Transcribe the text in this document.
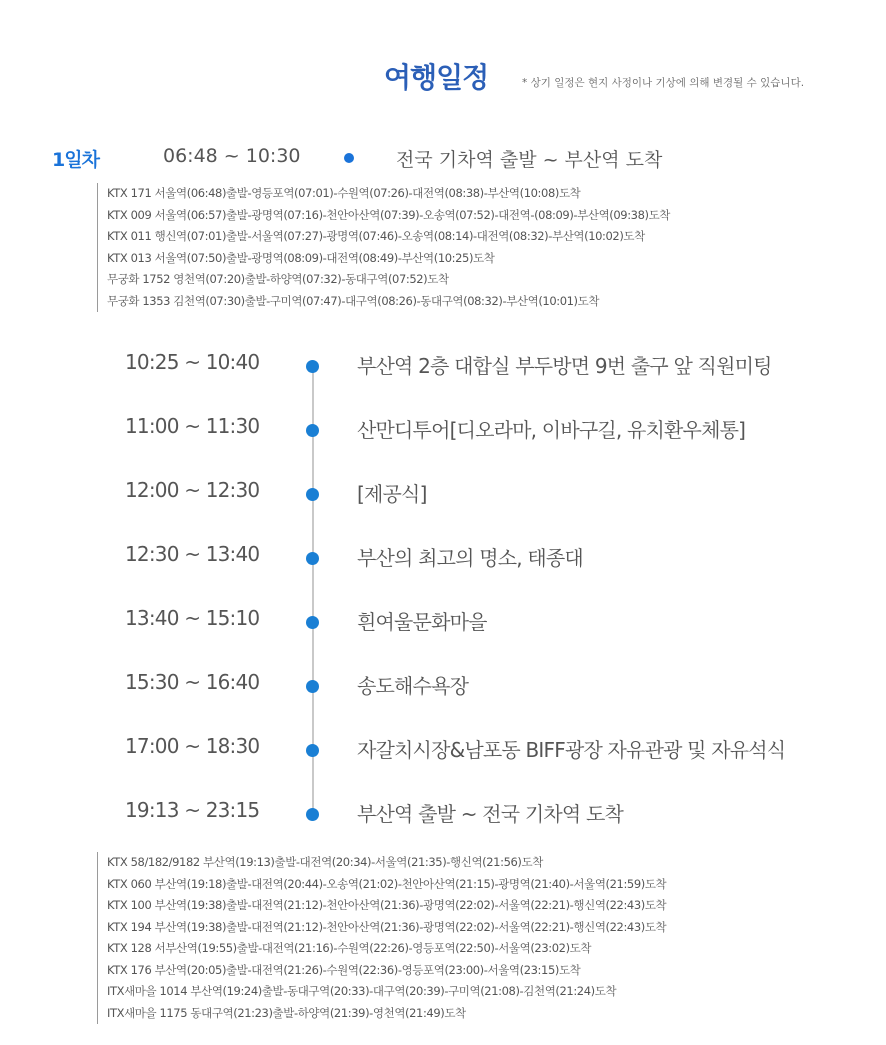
여행일정	* 상기 일정은 현지 사정이나 기상에 의해 변경될 수 있습니다.
1일차	06:48 ~ 10:30	전국 기차역 출발 ~ 부산역 도착
KTX 171 서울역(06:48)출발-영등포역(07:01)-수원역(07:26)-대전역(08:38)-부산역(10:08)도착
KTX 009 서울역(06:57)출발-광명역(07:16)-천안아산역(07:39)-오송역(07:52)-대전역-(08:09)-부산역(09:38)도착
KTX 011 행신역(07:01)출발-서울역(07:27)-광명역(07:46)-오송역(08:14)-대전역(08:32)-부산역(10:02)도착
KTX 013 서울역(07:50)출발-광명역(08:09)-대전역(08:49)-부산역(10:25)도착
무궁화 1752 영천역(07:20)출발-하양역(07:32)-동대구역(07:52)도착
무궁화 1353 김천역(07:30)출발-구미역(07:47)-대구역(08:26)-동대구역(08:32)-부산역(10:01)도착
10:25 ~ 10:40	부산역 2층 대합실 부두방면 9번 출구 앞 직원미팅
11:00 ~ 11:30	산만디투어[디오라마, 이바구길, 유치환우체통]
12:00 ~ 12:30	[제공식]
12:30 ~ 13:40	부산의 최고의 명소, 태종대
13:40 ~ 15:10	흰여울문화마을
15:30 ~ 16:40	송도해수욕장
17:00 ~ 18:30	자갈치시장&남포동 BIFF광장 자유관광 및 자유석식
19:13 ~ 23:15	부산역 출발 ~ 전국 기차역 도착
KTX 58/182/9182 부산역(19:13)출발-대전역(20:34)-서울역(21:35)-행신역(21:56)도착
KTX 060 부산역(19:18)출발-대전역(20:44)-오송역(21:02)-천안아산역(21:15)-광명역(21:40)-서울역(21:59)도착
KTX 100 부산역(19:38)출발-대전역(21:12)-천안아산역(21:36)-광명역(22:02)-서울역(22:21)-행신역(22:43)도착
KTX 194 부산역(19:38)출발-대전역(21:12)-천안아산역(21:36)-광명역(22:02)-서울역(22:21)-행신역(22:43)도착
KTX 128 서부산역(19:55)출발-대전역(21:16)-수원역(22:26)-영등포역(22:50)-서울역(23:02)도착
KTX 176 부산역(20:05)출발-대전역(21:26)-수원역(22:36)-영등포역(23:00)-서울역(23:15)도착
ITX새마을 1014 부산역(19:24)출발-동대구역(20:33)-대구역(20:39)-구미역(21:08)-김천역(21:24)도착
ITX새마을 1175 동대구역(21:23)출발-하양역(21:39)-영천역(21:49)도착
